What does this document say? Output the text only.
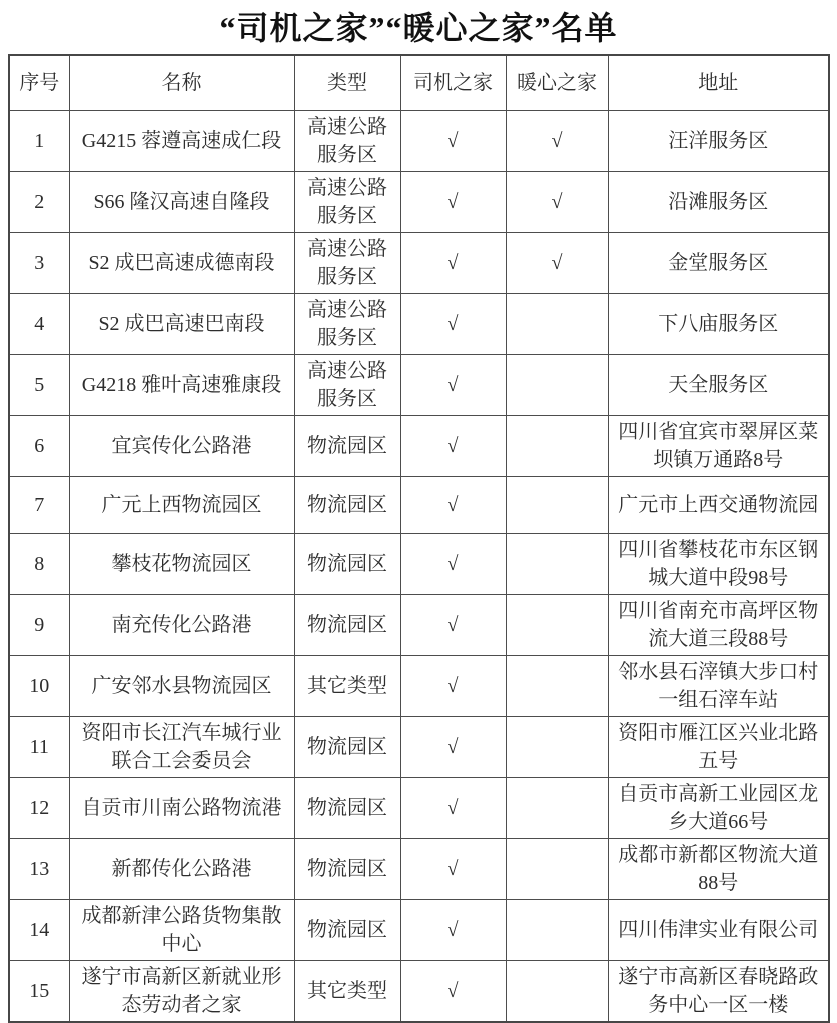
“司机之家”“暖心之家”名单
序号	名称	类型	司机之家	暖心之家	地址
1	G4215 蓉遵高速成仁段	高速公路服务区	√	√	汪洋服务区
2	S66 隆汉高速自隆段	高速公路服务区	√	√	沿滩服务区
3	S2 成巴高速成德南段	高速公路服务区	√	√	金堂服务区
4	S2 成巴高速巴南段	高速公路服务区	√		下八庙服务区
5	G4218 雅叶高速雅康段	高速公路服务区	√		天全服务区
6	宜宾传化公路港	物流园区	√		四川省宜宾市翠屏区菜坝镇万通路8号
7	广元上西物流园区	物流园区	√		广元市上西交通物流园
8	攀枝花物流园区	物流园区	√		四川省攀枝花市东区钢城大道中段98号
9	南充传化公路港	物流园区	√		四川省南充市高坪区物流大道三段88号
10	广安邻水县物流园区	其它类型	√		邻水县石滓镇大步口村一组石滓车站
11	资阳市长江汽车城行业联合工会委员会	物流园区	√		资阳市雁江区兴业北路五号
12	自贡市川南公路物流港	物流园区	√		自贡市高新工业园区龙乡大道66号
13	新都传化公路港	物流园区	√		成都市新都区物流大道88号
14	成都新津公路货物集散中心	物流园区	√		四川伟津实业有限公司
15	遂宁市高新区新就业形态劳动者之家	其它类型	√		遂宁市高新区春晓路政务中心一区一楼
